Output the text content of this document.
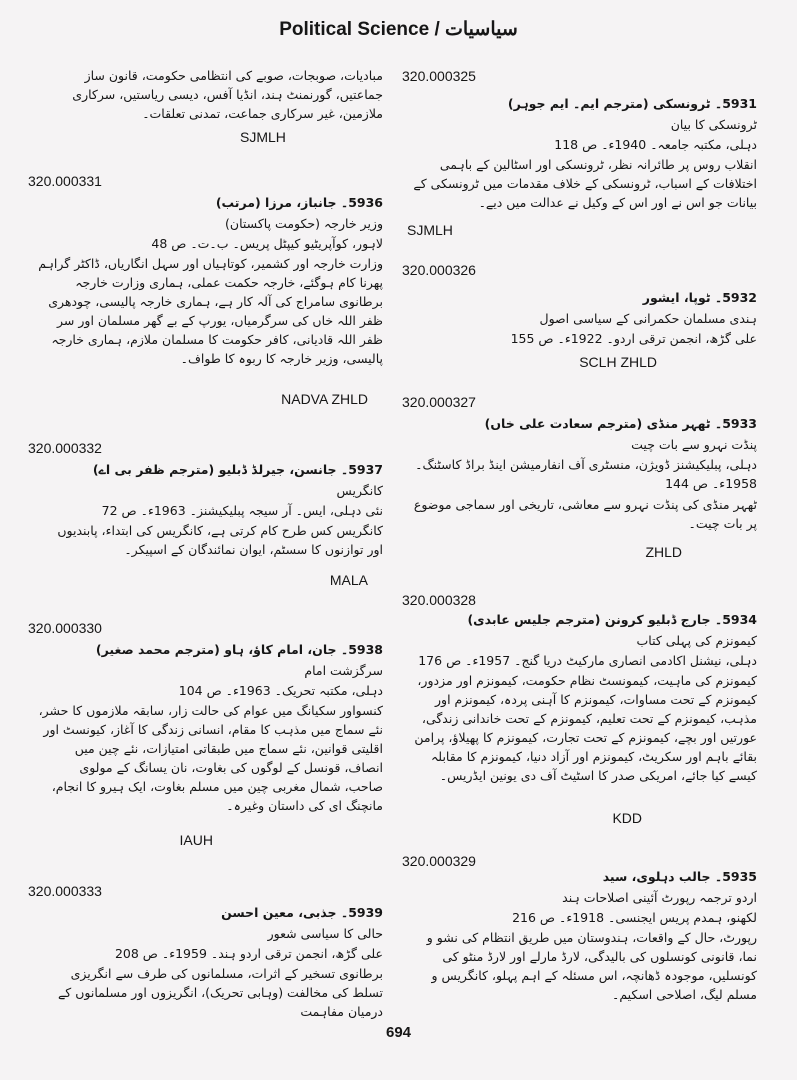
Political Science / سیاسیات
مبادیات، صوبجات، صوبے کی انتظامی حکومت، قانون ساز جماعتیں، گورنمنٹ ہند، انڈیا آفس، دیسی ریاستیں، سرکاری ملازمین، غیر سرکاری جماعت، تمدنی تعلقات۔
SJMLH
320.000331
5936۔ جانباز، مرزا (مرتب)
وزیر خارجہ (حکومت پاکستان)
لاہور، کوآپریٹیو کیپٹل پریس۔ ب۔ت۔ ص 48
وزارت خارجہ اور کشمیر، کوتاہیاں اور سہل انگاریاں، ڈاکٹر گراہم پھرنا کام ہوگئے، خارجہ حکمت عملی، ہماری وزارت خارجہ برطانوی سامراج کی آلہ کار ہے، ہماری خارجہ پالیسی، چودھری ظفر اللہ خاں کی سرگرمیاں، یورپ کے بے گھر مسلمان اور سر ظفر اللہ قادیانی، کافر حکومت کا مسلمان ملازم، ہماری خارجہ پالیسی، وزیر خارجہ کا ربوہ کا طواف۔
NADVA ZHLD
320.000332
5937۔ جانسن، جیرلڈ ڈبلیو (مترجم ظفر بی اے)
کانگریس
نئی دہلی، ایس۔ آر سیجہ پبلیکیشنز۔ 1963ء۔ ص 72
کانگریس کس طرح کام کرتی ہے، کانگریس کی ابتداء، پابندیوں اور توازنوں کا سسٹم، ایوان نمائندگان کے اسپیکر۔
MALA
320.000330
5938۔ جان، امام کاؤ، ہاو (مترجم محمد صغیر)
سرگزشت امام
دہلی، مکتبہ تحریک۔ 1963ء۔ ص 104
کنسواور سکیانگ میں عوام کی حالت زار، سابقہ ملازموں کا حشر، نئے سماج میں مذہب کا مقام، انسانی زندگی کا آغاز، کیونسٹ اور اقلیتی قوانین، نئے سماج میں طبقاتی امتیازات، نئے چین میں انصاف، قونسل کے لوگوں کی بغاوت، نان یسانگ کے مولوی صاحب، شمال مغربی چین میں مسلم بغاوت، ایک ہیرو کا انجام، مانچنگ ای کی داستان وغیرہ۔
IAUH
320.000333
5939۔ جذبی، معین احسن
حالی کا سیاسی شعور
علی گڑھ، انجمن ترقی اردو ہند۔ 1959ء۔ ص 208
برطانوی تسخیر کے اثرات، مسلمانوں کی طرف سے انگریزی تسلط کی مخالفت (وہابی تحریک)، انگریزوں اور مسلمانوں کے درمیان مفاہمت
320.000325
5931۔ ٹرونسکی (مترجم ایم۔ ایم جوہر)
ٹرونسکی کا بیان
دہلی، مکتبہ جامعہ۔ 1940ء۔ ص 118
انقلاب روس پر طائرانہ نظر، ٹرونسکی اور اسٹالین کے باہمی اختلافات کے اسباب، ٹرونسکی کے خلاف مقدمات میں ٹرونسکی کے بیانات جو اس نے اور اس کے وکیل نے عدالت میں دیے۔
SJMLH
320.000326
5932۔ ٹوپا، ایشور
ہندی مسلمان حکمرانی کے سیاسی اصول
علی گڑھ، انجمن ترقی اردو۔ 1922ء۔ ص 155
SCLH ZHLD
320.000327
5933۔ ٹھہر منڈی (مترجم سعادت علی خاں)
پنڈت نہرو سے بات چیت
دہلی، پبلیکیشنز ڈویژن، منسٹری آف انفارمیشن اینڈ براڈ کاسٹنگ۔ 1958ء۔ ص 144
ٹھہر منڈی کی پنڈت نہرو سے معاشی، تاریخی اور سماجی موضوع پر بات چیت۔
ZHLD
320.000328
5934۔ جارج ڈبلیو کرونن (مترجم جلیس عابدی)
کیمونزم کی پہلی کتاب
دہلی، نیشنل اکادمی انصاری مارکیٹ دریا گنج۔ 1957ء۔ ص 176
کیمونزم کی ماہیت، کیمونسٹ نظام حکومت، کیمونزم اور مزدور، کیمونزم کے تحت مساوات، کیمونزم کا آہنی پردہ، کیمونزم اور مذہب، کیمونزم کے تحت تعلیم، کیمونزم کے تحت خاندانی زندگی، عورتیں اور بچے، کیمونزم کے تحت تجارت، کیمونزم کا پھیلاؤ، پرامن بقائے باہم اور سکریٹ، کیمونزم اور آزاد دنیا، کیمونزم کا مقابلہ کیسے کیا جائے، امریکی صدر کا اسٹیٹ آف دی یونین ایڈریس۔
KDD
320.000329
5935۔ جالب دہلوی، سید
اردو ترجمہ رپورٹ آئینی اصلاحات ہند
لکھنو، ہمدم پریس ایجنسی۔ 1918ء۔ ص 216
رپورٹ، حال کے واقعات، ہندوستان میں طریق انتظام کی نشو و نما، قانونی کونسلوں کی بالیدگی، لارڈ مارلے اور لارڈ منٹو کی کونسلیں، موجودہ ڈھانچہ، اس مسئلہ کے اہم پہلو، کانگریس و مسلم لیگ، اصلاحی اسکیم۔
694
